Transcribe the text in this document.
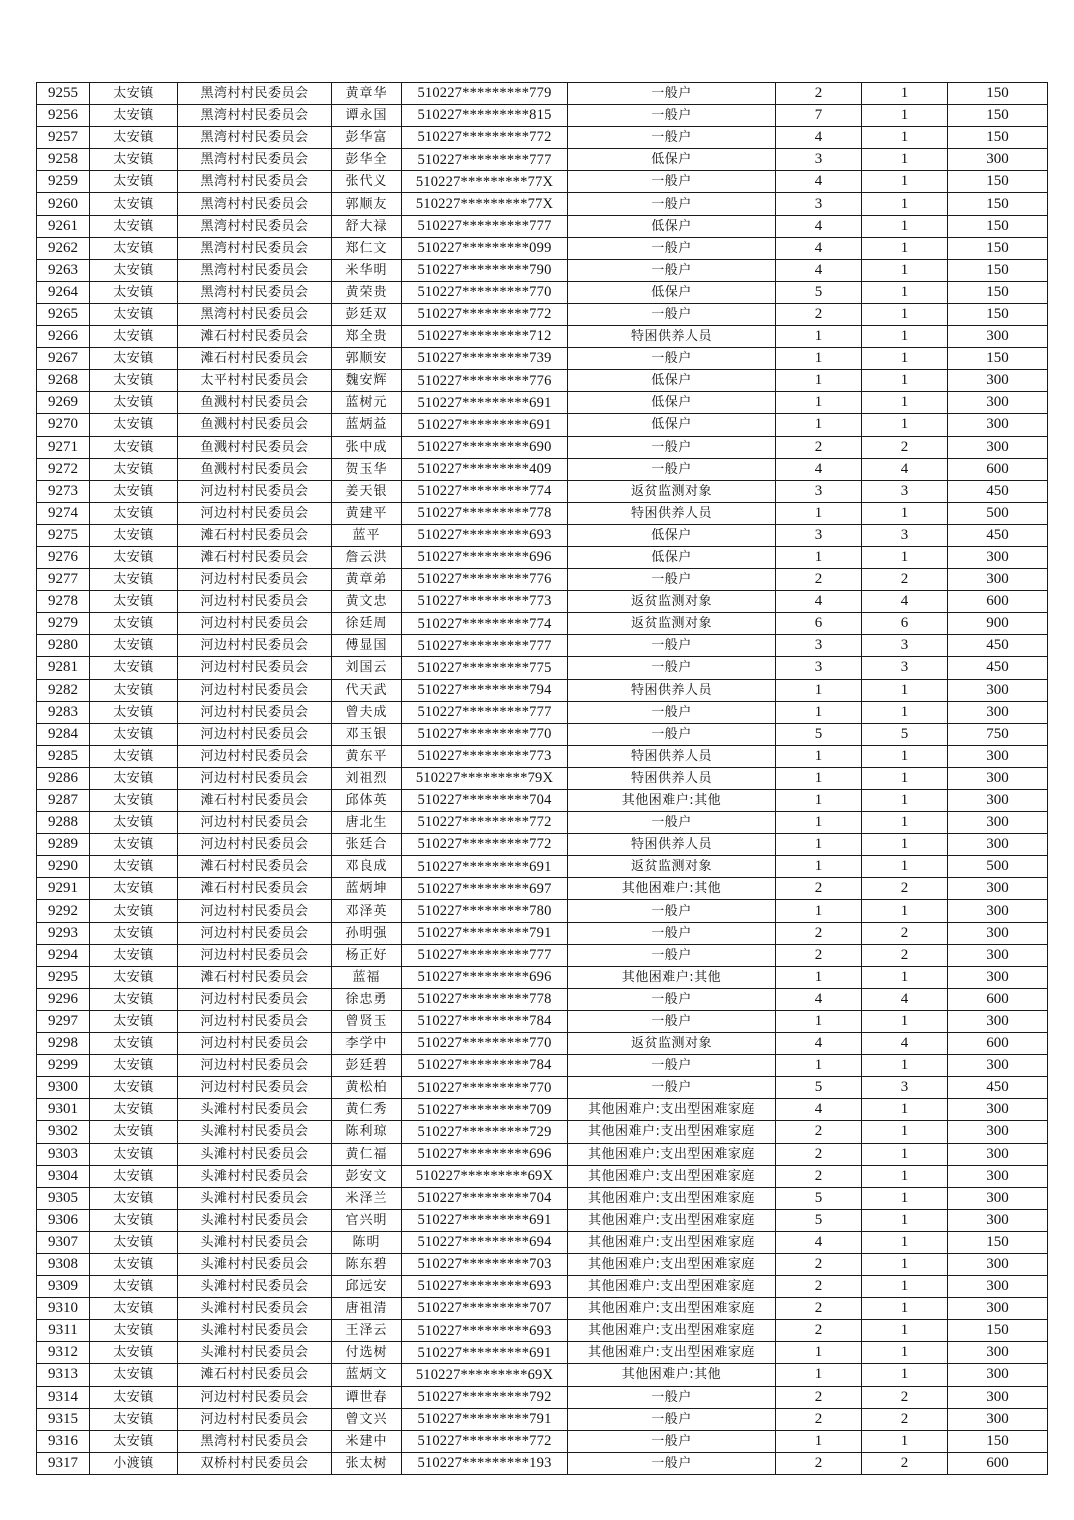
9255	太安镇	黑湾村村民委员会	黄章华	510227*********779	一般户	2	1	150
9256	太安镇	黑湾村村民委员会	谭永国	510227*********815	一般户	7	1	150
9257	太安镇	黑湾村村民委员会	彭华富	510227*********772	一般户	4	1	150
9258	太安镇	黑湾村村民委员会	彭华全	510227*********777	低保户	3	1	300
9259	太安镇	黑湾村村民委员会	张代义	510227*********77X	一般户	4	1	150
9260	太安镇	黑湾村村民委员会	郭顺友	510227*********77X	一般户	3	1	150
9261	太安镇	黑湾村村民委员会	舒大禄	510227*********777	低保户	4	1	150
9262	太安镇	黑湾村村民委员会	郑仁文	510227*********099	一般户	4	1	150
9263	太安镇	黑湾村村民委员会	米华明	510227*********790	一般户	4	1	150
9264	太安镇	黑湾村村民委员会	黄荣贵	510227*********770	低保户	5	1	150
9265	太安镇	黑湾村村民委员会	彭廷双	510227*********772	一般户	2	1	150
9266	太安镇	滩石村村民委员会	郑全贵	510227*********712	特困供养人员	1	1	300
9267	太安镇	滩石村村民委员会	郭顺安	510227*********739	一般户	1	1	150
9268	太安镇	太平村村民委员会	魏安辉	510227*********776	低保户	1	1	300
9269	太安镇	鱼溅村村民委员会	蓝树元	510227*********691	低保户	1	1	300
9270	太安镇	鱼溅村村民委员会	蓝炳益	510227*********691	低保户	1	1	300
9271	太安镇	鱼溅村村民委员会	张中成	510227*********690	一般户	2	2	300
9272	太安镇	鱼溅村村民委员会	贺玉华	510227*********409	一般户	4	4	600
9273	太安镇	河边村村民委员会	姜天银	510227*********774	返贫监测对象	3	3	450
9274	太安镇	河边村村民委员会	黄建平	510227*********778	特困供养人员	1	1	500
9275	太安镇	滩石村村民委员会	蓝平	510227*********693	低保户	3	3	450
9276	太安镇	滩石村村民委员会	詹云洪	510227*********696	低保户	1	1	300
9277	太安镇	河边村村民委员会	黄章弟	510227*********776	一般户	2	2	300
9278	太安镇	河边村村民委员会	黄文忠	510227*********773	返贫监测对象	4	4	600
9279	太安镇	河边村村民委员会	徐廷周	510227*********774	返贫监测对象	6	6	900
9280	太安镇	河边村村民委员会	傅显国	510227*********777	一般户	3	3	450
9281	太安镇	河边村村民委员会	刘国云	510227*********775	一般户	3	3	450
9282	太安镇	河边村村民委员会	代天武	510227*********794	特困供养人员	1	1	300
9283	太安镇	河边村村民委员会	曾夫成	510227*********777	一般户	1	1	300
9284	太安镇	河边村村民委员会	邓玉银	510227*********770	一般户	5	5	750
9285	太安镇	河边村村民委员会	黄东平	510227*********773	特困供养人员	1	1	300
9286	太安镇	河边村村民委员会	刘祖烈	510227*********79X	特困供养人员	1	1	300
9287	太安镇	滩石村村民委员会	邱体英	510227*********704	其他困难户:其他	1	1	300
9288	太安镇	河边村村民委员会	唐北生	510227*********772	一般户	1	1	300
9289	太安镇	河边村村民委员会	张廷合	510227*********772	特困供养人员	1	1	300
9290	太安镇	滩石村村民委员会	邓良成	510227*********691	返贫监测对象	1	1	500
9291	太安镇	滩石村村民委员会	蓝炳坤	510227*********697	其他困难户:其他	2	2	300
9292	太安镇	河边村村民委员会	邓泽英	510227*********780	一般户	1	1	300
9293	太安镇	河边村村民委员会	孙明强	510227*********791	一般户	2	2	300
9294	太安镇	河边村村民委员会	杨正好	510227*********777	一般户	2	2	300
9295	太安镇	滩石村村民委员会	蓝福	510227*********696	其他困难户:其他	1	1	300
9296	太安镇	河边村村民委员会	徐忠勇	510227*********778	一般户	4	4	600
9297	太安镇	河边村村民委员会	曾贤玉	510227*********784	一般户	1	1	300
9298	太安镇	河边村村民委员会	李学中	510227*********770	返贫监测对象	4	4	600
9299	太安镇	河边村村民委员会	彭廷碧	510227*********784	一般户	1	1	300
9300	太安镇	河边村村民委员会	黄松柏	510227*********770	一般户	5	3	450
9301	太安镇	头滩村村民委员会	黄仁秀	510227*********709	其他困难户:支出型困难家庭	4	1	300
9302	太安镇	头滩村村民委员会	陈利琼	510227*********729	其他困难户:支出型困难家庭	2	1	300
9303	太安镇	头滩村村民委员会	黄仁福	510227*********696	其他困难户:支出型困难家庭	2	1	300
9304	太安镇	头滩村村民委员会	彭安文	510227*********69X	其他困难户:支出型困难家庭	2	1	300
9305	太安镇	头滩村村民委员会	米泽兰	510227*********704	其他困难户:支出型困难家庭	5	1	300
9306	太安镇	头滩村村民委员会	官兴明	510227*********691	其他困难户:支出型困难家庭	5	1	300
9307	太安镇	头滩村村民委员会	陈明	510227*********694	其他困难户:支出型困难家庭	4	1	150
9308	太安镇	头滩村村民委员会	陈东碧	510227*********703	其他困难户:支出型困难家庭	2	1	300
9309	太安镇	头滩村村民委员会	邱远安	510227*********693	其他困难户:支出型困难家庭	2	1	300
9310	太安镇	头滩村村民委员会	唐祖清	510227*********707	其他困难户:支出型困难家庭	2	1	300
9311	太安镇	头滩村村民委员会	王泽云	510227*********693	其他困难户:支出型困难家庭	2	1	150
9312	太安镇	头滩村村民委员会	付选树	510227*********691	其他困难户:支出型困难家庭	1	1	300
9313	太安镇	滩石村村民委员会	蓝炳文	510227*********69X	其他困难户:其他	1	1	300
9314	太安镇	河边村村民委员会	谭世春	510227*********792	一般户	2	2	300
9315	太安镇	河边村村民委员会	曾文兴	510227*********791	一般户	2	2	300
9316	太安镇	黑湾村村民委员会	米建中	510227*********772	一般户	1	1	150
9317	小渡镇	双桥村村民委员会	张太树	510227*********193	一般户	2	2	600
